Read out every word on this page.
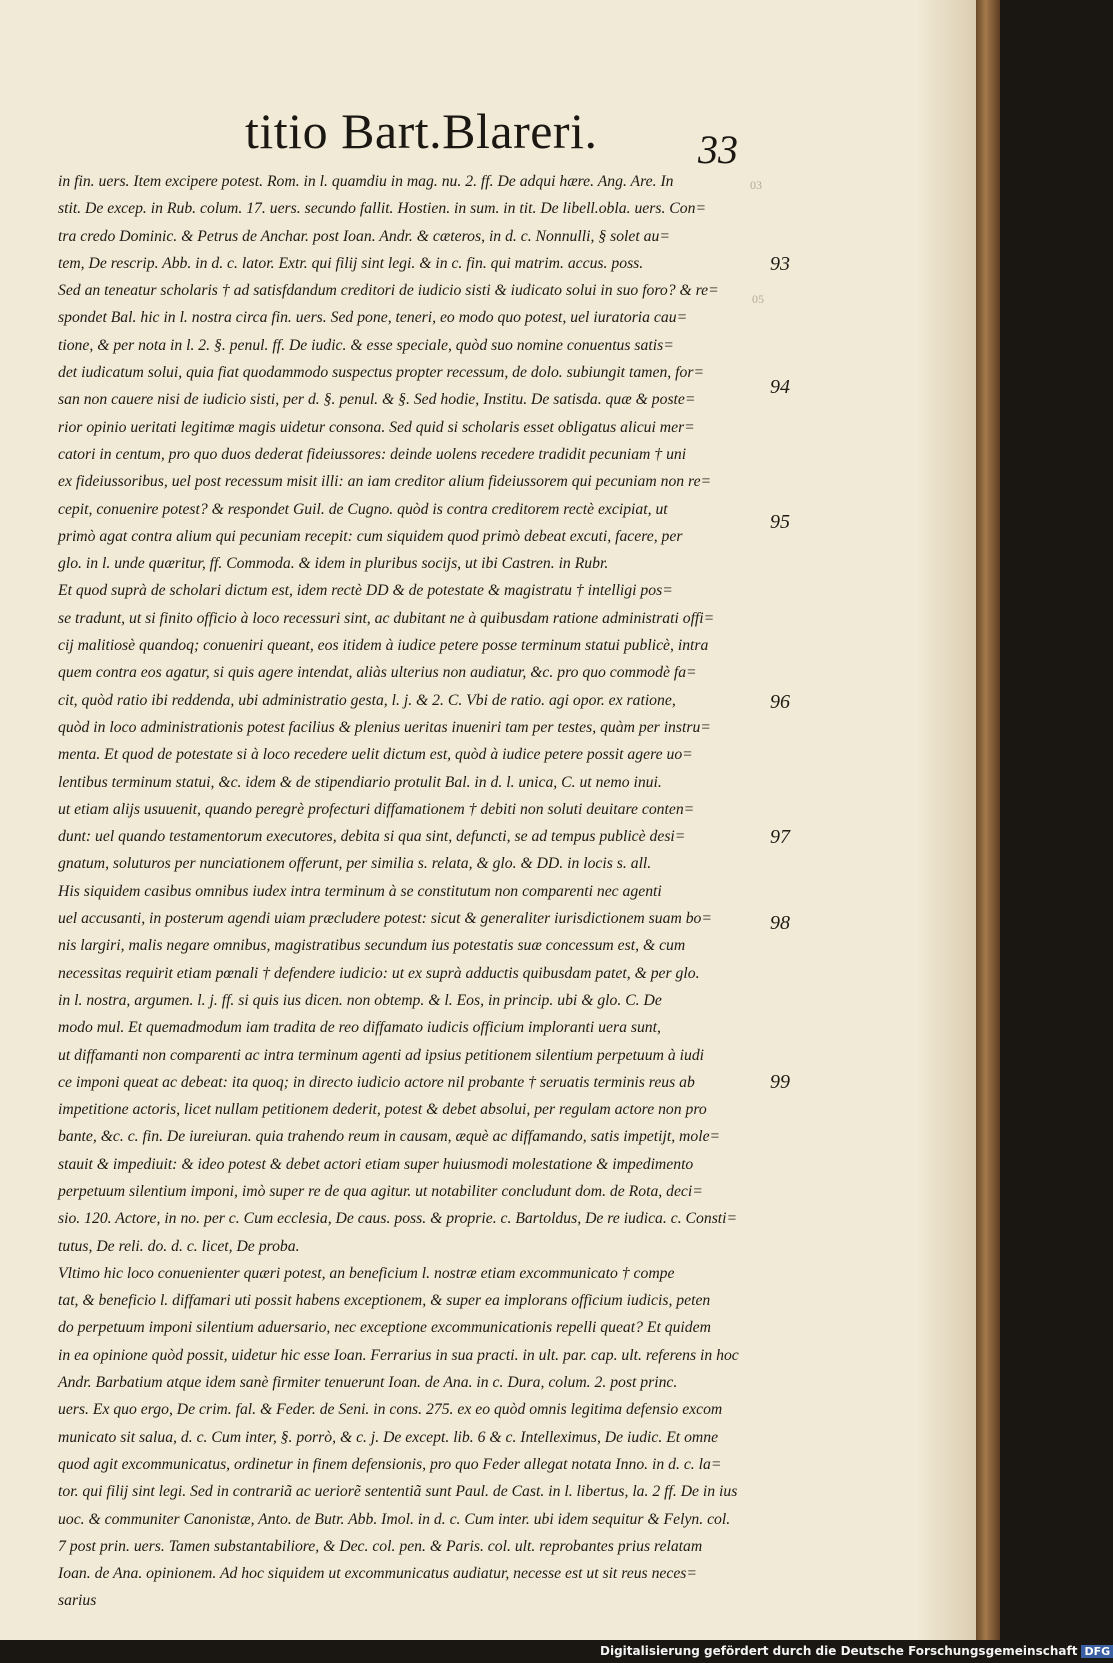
titio Bart.Blareri.	33
03
05
in fin. uers. Item excipere potest. Rom. in l. quamdiu in mag. nu. 2. ff. De adqui hære. Ang. Are. In
stit. De excep. in Rub. colum. 17. uers. secundo fallit. Hostien. in sum. in tit. De libell.obla. uers. Con=
tra credo Dominic. & Petrus de Anchar. post Ioan. Andr. & cæteros, in d. c. Nonnulli, § solet au=
tem, De rescrip. Abb. in d. c. lator. Extr. qui filij sint legi. & in c. fin. qui matrim. accus. poss.
Sed an teneatur scholaris † ad satisfdandum creditori de iudicio sisti & iudicato solui in suo foro? & re=
spondet Bal. hic in l. nostra circa fin. uers. Sed pone, teneri, eo modo quo potest, uel iuratoria cau=
tione, & per nota in l. 2. §. penul. ff. De iudic. & esse speciale, quòd suo nomine conuentus satis=
det iudicatum solui, quia fiat quodammodo suspectus propter recessum, de dolo. subiungit tamen, for=
san non cauere nisi de iudicio sisti, per d. §. penul. & §. Sed hodie, Institu. De satisda. quæ & poste=
rior opinio ueritati legitimæ magis uidetur consona. Sed quid si scholaris esset obligatus alicui mer=
catori in centum, pro quo duos dederat fideiussores: deinde uolens recedere tradidit pecuniam † uni
ex fideiussoribus, uel post recessum misit illi: an iam creditor alium fideiussorem qui pecuniam non re=
cepit, conuenire potest? & respondet Guil. de Cugno. quòd is contra creditorem rectè excipiat, ut
primò agat contra alium qui pecuniam recepit: cum siquidem quod primò debeat excuti, facere, per
glo. in l. unde quæritur, ff. Commoda. & idem in pluribus socijs, ut ibi Castren. in Rubr.
Et quod suprà de scholari dictum est, idem rectè DD & de potestate & magistratu † intelligi pos=
se tradunt, ut si finito officio à loco recessuri sint, ac dubitant ne à quibusdam ratione administrati offi=
cij malitiosè quandoq; conueniri queant, eos itidem à iudice petere posse terminum statui publicè, intra
quem contra eos agatur, si quis agere intendat, aliàs ulterius non audiatur, &c. pro quo commodè fa=
cit, quòd ratio ibi reddenda, ubi administratio gesta, l. j. & 2. C. Vbi de ratio. agi opor. ex ratione,
quòd in loco administrationis potest facilius & plenius ueritas inueniri tam per testes, quàm per instru=
menta. Et quod de potestate si à loco recedere uelit dictum est, quòd à iudice petere possit agere uo=
lentibus terminum statui, &c. idem & de stipendiario protulit Bal. in d. l. unica, C. ut nemo inui.
ut etiam alijs usuuenit, quando peregrè profecturi diffamationem † debiti non soluti deuitare conten=
dunt: uel quando testamentorum executores, debita si qua sint, defuncti, se ad tempus publicè desi=
gnatum, soluturos per nunciationem offerunt, per similia s. relata, & glo. & DD. in locis s. all.
His siquidem casibus omnibus iudex intra terminum à se constitutum non comparenti nec agenti
uel accusanti, in posterum agendi uiam præcludere potest: sicut & generaliter iurisdictionem suam bo=
nis largiri, malis negare omnibus, magistratibus secundum ius potestatis suæ concessum est, & cum
necessitas requirit etiam pœnali † defendere iudicio: ut ex suprà adductis quibusdam patet, & per glo.
in l. nostra, argumen. l. j. ff. si quis ius dicen. non obtemp. & l. Eos, in princip. ubi & glo. C. De
modo mul. Et quemadmodum iam tradita de reo diffamato iudicis officium imploranti uera sunt,
ut diffamanti non comparenti ac intra terminum agenti ad ipsius petitionem silentium perpetuum à iudi
ce imponi queat ac debeat: ita quoq; in directo iudicio actore nil probante † seruatis terminis reus ab
impetitione actoris, licet nullam petitionem dederit, potest & debet absolui, per regulam actore non pro
bante, &c. c. fin. De iureiuran. quia trahendo reum in causam, æquè ac diffamando, satis impetijt, mole=
stauit & impediuit: & ideo potest & debet actori etiam super huiusmodi molestatione & impedimento
perpetuum silentium imponi, imò super re de qua agitur. ut notabiliter concludunt dom. de Rota, deci=
sio. 120. Actore, in no. per c. Cum ecclesia, De caus. poss. & proprie. c. Bartoldus, De re iudica. c. Consti=
tutus, De reli. do. d. c. licet, De proba.
Vltimo hic loco conuenienter quæri potest, an beneficium l. nostræ etiam excommunicato † compe
tat, & beneficio l. diffamari uti possit habens exceptionem, & super ea implorans officium iudicis, peten
do perpetuum imponi silentium aduersario, nec exceptione excommunicationis repelli queat? Et quidem
in ea opinione quòd possit, uidetur hic esse Ioan. Ferrarius in sua practi. in ult. par. cap. ult. referens in hoc
Andr. Barbatium atque idem sanè firmiter tenuerunt Ioan. de Ana. in c. Dura, colum. 2. post princ.
uers. Ex quo ergo, De crim. fal. & Feder. de Seni. in cons. 275. ex eo quòd omnis legitima defensio excom
municato sit salua, d. c. Cum inter, §. porrò, & c. j. De except. lib. 6 & c. Intelleximus, De iudic. Et omne
quod agit excommunicatus, ordinetur in finem defensionis, pro quo Feder allegat notata Inno. in d. c. la=
tor. qui filij sint legi. Sed in contrariã ac ueriorẽ sententiã sunt Paul. de Cast. in l. libertus, la. 2 ff. De in ius
uoc. & communiter Canonistæ, Anto. de Butr. Abb. Imol. in d. c. Cum inter. ubi idem sequitur & Felyn. col.
7 post prin. uers. Tamen substantabiliore, & Dec. col. pen. & Paris. col. ult. reprobantes prius relatam
Ioan. de Ana. opinionem. Ad hoc siquidem ut excommunicatus audiatur, necesse est ut sit reus neces=
sarius
93
94
95
96
97
98
99
Digitalisierung gefördert durch die Deutsche Forschungsgemeinschaft DFG
